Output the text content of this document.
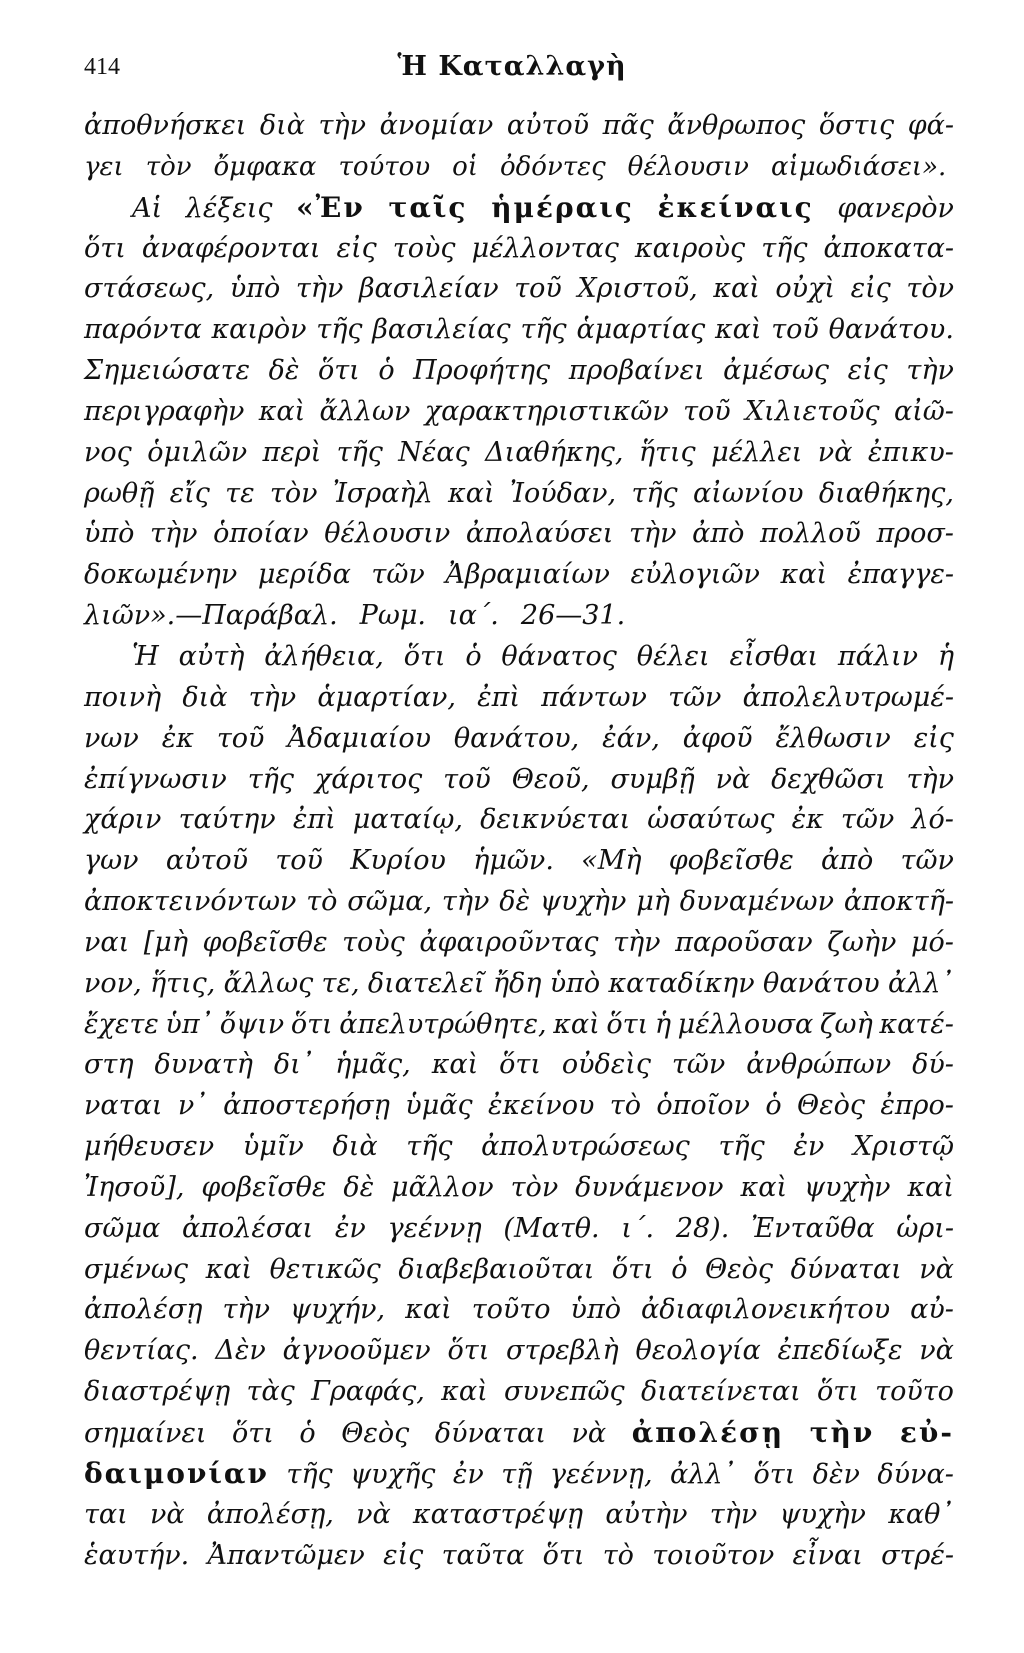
414	Ἡ Καταλλαγὴ
ἀποθνήσκει διὰ τὴν ἀνομίαν αὐτοῦ πᾶς ἄνθρωπος ὅστις φά-
γει τὸν ὄμφακα τούτου οἱ ὀδόντες θέλουσιν αἱμωδιάσει».
Αἱ λέξεις «Ἐν ταῖς ἡμέραις ἐκείναις φανερὸν
ὅτι ἀναφέρονται εἰς τοὺς μέλλοντας καιροὺς τῆς ἀποκατα-
στάσεως, ὑπὸ τὴν βασιλείαν τοῦ Χριστοῦ, καὶ οὐχὶ εἰς τὸν
παρόντα καιρὸν τῆς βασιλείας τῆς ἁμαρτίας καὶ τοῦ θανάτου.
Σημειώσατε δὲ ὅτι ὁ Προφήτης προβαίνει ἀμέσως εἰς τὴν
περιγραφὴν καὶ ἄλλων χαρακτηριστικῶν τοῦ Χιλιετοῦς αἰῶ-
νος ὁμιλῶν περὶ τῆς Νέας Διαθήκης, ἥτις μέλλει νὰ ἐπικυ-
ρωθῇ εἴς τε τὸν Ἰσραὴλ καὶ Ἰούδαν, τῆς αἰωνίου διαθήκης,
ὑπὸ τὴν ὁποίαν θέλουσιν ἀπολαύσει τὴν ἀπὸ πολλοῦ προσ-
δοκωμένην μερίδα τῶν Ἀβραμιαίων εὐλογιῶν καὶ ἐπαγγε-
λιῶν».—Παράβαλ. Ρωμ. ια΄. 26—31.
Ἡ αὐτὴ ἀλήθεια, ὅτι ὁ θάνατος θέλει εἶσθαι πάλιν ἡ
ποινὴ διὰ τὴν ἁμαρτίαν, ἐπὶ πάντων τῶν ἀπολελυτρωμέ-
νων ἐκ τοῦ Ἀδαμιαίου θανάτου, ἐάν, ἀφοῦ ἔλθωσιν εἰς
ἐπίγνωσιν τῆς χάριτος τοῦ Θεοῦ, συμβῇ νὰ δεχθῶσι τὴν
χάριν ταύτην ἐπὶ ματαίῳ, δεικνύεται ὡσαύτως ἐκ τῶν λό-
γων αὐτοῦ τοῦ Κυρίου ἡμῶν. «Μὴ φοβεῖσθε ἀπὸ τῶν
ἀποκτεινόντων τὸ σῶμα, τὴν δὲ ψυχὴν μὴ δυναμένων ἀποκτῆ-
ναι [μὴ φοβεῖσθε τοὺς ἀφαιροῦντας τὴν παροῦσαν ζωὴν μό-
νον, ἥτις, ἄλλως τε, διατελεῖ ἤδη ὑπὸ καταδίκην θανάτου ἀλλ᾽
ἔχετε ὑπ᾽ ὄψιν ὅτι ἀπελυτρώθητε, καὶ ὅτι ἡ μέλλουσα ζωὴ κατέ-
στη δυνατὴ δι᾽ ἡμᾶς, καὶ ὅτι οὐδεὶς τῶν ἀνθρώπων δύ-
ναται ν᾽ ἀποστερήσῃ ὑμᾶς ἐκείνου τὸ ὁποῖον ὁ Θεὸς ἐπρο-
μήθευσεν ὑμῖν διὰ τῆς ἀπολυτρώσεως τῆς ἐν Χριστῷ
Ἰησοῦ], φοβεῖσθε δὲ μᾶλλον τὸν δυνάμενον καὶ ψυχὴν καὶ
σῶμα ἀπολέσαι ἐν γεέννῃ (Ματθ. ι΄. 28). Ἐνταῦθα ὡρι-
σμένως καὶ θετικῶς διαβεβαιοῦται ὅτι ὁ Θεὸς δύναται νὰ
ἀπολέσῃ τὴν ψυχήν, καὶ τοῦτο ὑπὸ ἀδιαφιλονεικήτου αὐ-
θεντίας. Δὲν ἀγνοοῦμεν ὅτι στρεβλὴ θεολογία ἐπεδίωξε νὰ
διαστρέψῃ τὰς Γραφάς, καὶ συνεπῶς διατείνεται ὅτι τοῦτο
σημαίνει ὅτι ὁ Θεὸς δύναται νὰ ἀπολέσῃ τὴν εὐ-
δαιμονίαν τῆς ψυχῆς ἐν τῇ γεέννῃ, ἀλλ᾽ ὅτι δὲν δύνα-
ται νὰ ἀπολέσῃ, νὰ καταστρέψῃ αὐτὴν τὴν ψυχὴν καθ᾽
ἑαυτήν. Ἀπαντῶμεν εἰς ταῦτα ὅτι τὸ τοιοῦτον εἶναι στρέ-
